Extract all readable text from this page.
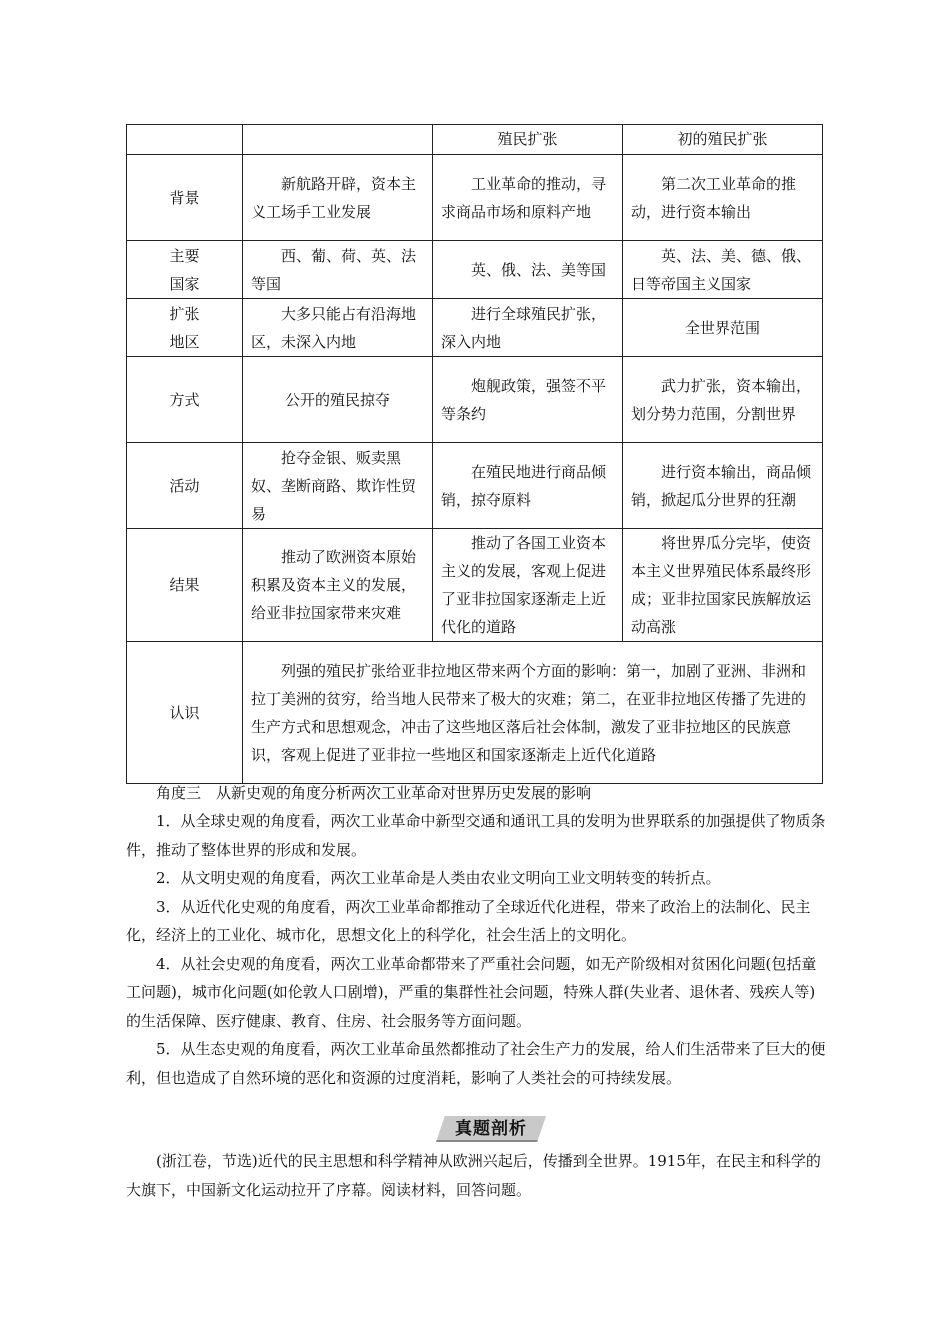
		殖民扩张	初的殖民扩张
背景	新航路开辟，资本主义工场手工业发展	工业革命的推动，寻求商品市场和原料产地	第二次工业革命的推动，进行资本输出

主要国家	西、葡、荷、英、法等国	英、俄、法、美等国	英、法、美、德、俄、日等帝国主义国家

扩张地区	大多只能占有沿海地区，未深入内地	进行全球殖民扩张，深入内地	全世界范围
方式	公开的殖民掠夺	炮舰政策，强签不平等条约	武力扩张，资本输出，划分势力范围，分割世界
活动	抢夺金银、贩卖黑奴、垄断商路、欺诈性贸易	在殖民地进行商品倾销，掠夺原料	进行资本输出，商品倾销，掀起瓜分世界的狂潮
结果	推动了欧洲资本原始积累及资本主义的发展，给亚非拉国家带来灾难	推动了各国工业资本主义的发展，客观上促进了亚非拉国家逐渐走上近代化的道路	将世界瓜分完毕，使资本主义世界殖民体系最终形成；亚非拉国家民族解放运动高涨
认识	列强的殖民扩张给亚非拉地区带来两个方面的影响：第一，加剧了亚洲、非洲和拉丁美洲的贫穷，给当地人民带来了极大的灾难；第二，在亚非拉地区传播了先进的生产方式和思想观念，冲击了这些地区落后社会体制，激发了亚非拉地区的民族意识，客观上促进了亚非拉一些地区和国家逐渐走上近代化道路		

角度三　从新史观的角度分析两次工业革命对世界历史发展的影响

1．从全球史观的角度看，两次工业革命中新型交通和通讯工具的发明为世界联系的加强提供了物质条件，推动了整体世界的形成和发展。

2．从文明史观的角度看，两次工业革命是人类由农业文明向工业文明转变的转折点。

3．从近代化史观的角度看，两次工业革命都推动了全球近代化进程，带来了政治上的法制化、民主化，经济上的工业化、城市化，思想文化上的科学化，社会生活上的文明化。

4．从社会史观的角度看，两次工业革命都带来了严重社会问题，如无产阶级相对贫困化问题(包括童工问题)，城市化问题(如伦敦人口剧增)，严重的集群性社会问题，特殊人群(失业者、退休者、残疾人等)的生活保障、医疗健康、教育、住房、社会服务等方面问题。

5．从生态史观的角度看，两次工业革命虽然都推动了社会生产力的发展，给人们生活带来了巨大的便利，但也造成了自然环境的恶化和资源的过度消耗，影响了人类社会的可持续发展。

真题剖析

(浙江卷，节选)近代的民主思想和科学精神从欧洲兴起后，传播到全世界。1915年，在民主和科学的大旗下，中国新文化运动拉开了序幕。阅读材料，回答问题。
